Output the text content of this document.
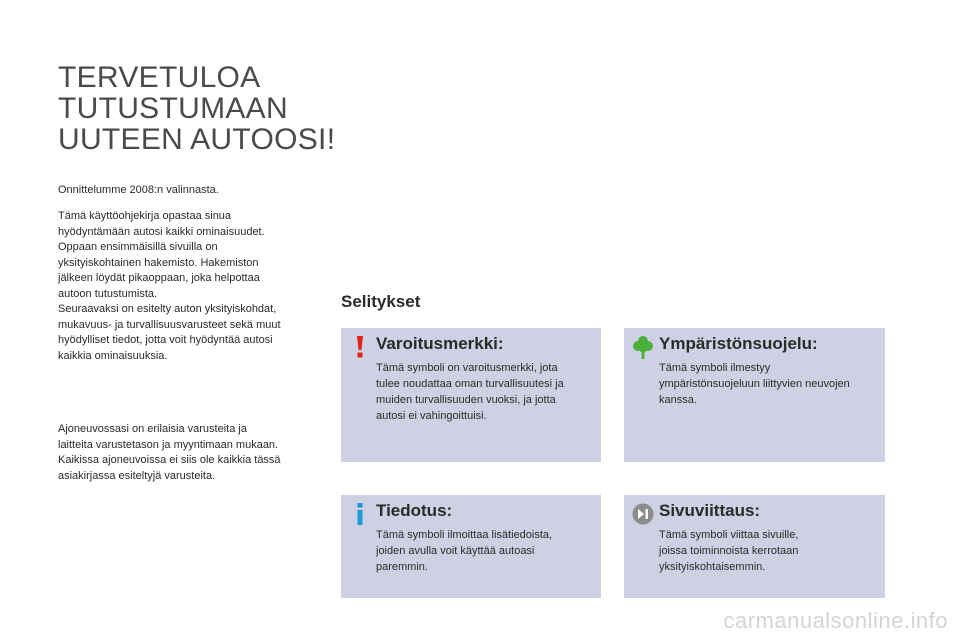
TERVETULOA
TUTUSTUMAAN
UUTEEN AUTOOSI!

Onnittelumme 2008:n valinnasta.

Tämä käyttöohjekirja opastaa sinua

hyödyntämään autosi kaikki ominaisuudet.

Oppaan ensimmäisillä sivuilla on

yksityiskohtainen hakemisto. Hakemiston

jälkeen löydät pikaoppaan, joka helpottaa

autoon tutustumista.

Seuraavaksi on esitelty auton yksityiskohdat,

mukavuus- ja turvallisuusvarusteet sekä muut

hyödylliset tiedot, jotta voit hyödyntää autosi

kaikkia ominaisuuksia.

Ajoneuvossasi on erilaisia varusteita ja

laitteita varustetason ja myyntimaan mukaan.

Kaikissa ajoneuvoissa ei siis ole kaikkia tässä

asiakirjassa esiteltyjä varusteita.

Selitykset
Varoitusmerkki:
Tämä symboli on varoitusmerkki, jota
tulee noudattaa oman turvallisuutesi ja
muiden turvallisuuden vuoksi, ja jotta
autosi ei vahingoittuisi.
Ympäristönsuojelu:
Tämä symboli ilmestyy
ympäristönsuojeluun liittyvien neuvojen
kanssa.
Tiedotus:
Tämä symboli ilmoittaa lisätiedoista,
joiden avulla voit käyttää autoasi
paremmin.
Sivuviittaus:
Tämä symboli viittaa sivuille,
joissa toiminnoista kerrotaan
yksityiskohtaisemmin.
carmanualsonline.info
